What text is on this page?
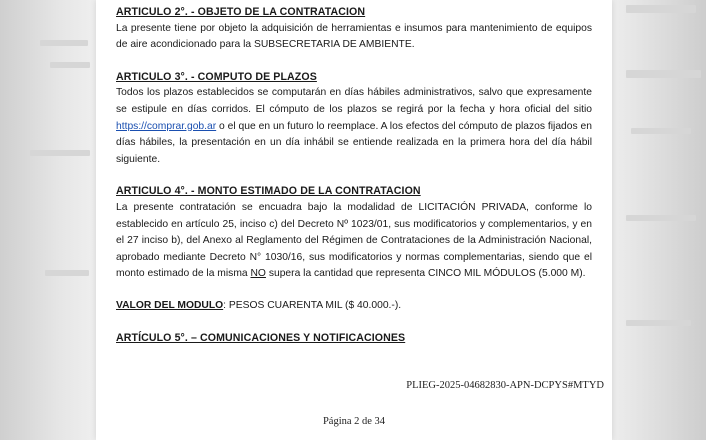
ARTICULO 2°. - OBJETO DE LA CONTRATACION

La presente tiene por objeto la adquisición de herramientas e insumos para mantenimiento de equipos de aire acondicionado para la SUBSECRETARIA DE AMBIENTE.

ARTICULO 3°. - COMPUTO DE PLAZOS

Todos los plazos establecidos se computarán en días hábiles administrativos, salvo que expresamente se estipule en días corridos. El cómputo de los plazos se regirá por la fecha y hora oficial del sitio https://comprar.gob.ar o el que en un futuro lo reemplace. A los efectos del cómputo de plazos fijados en días hábiles, la presentación en un día inhábil se entiende realizada en la primera hora del día hábil siguiente.

ARTICULO 4°. - MONTO ESTIMADO DE LA CONTRATACION

La presente contratación se encuadra bajo la modalidad de LICITACIÓN PRIVADA, conforme lo establecido en artículo 25, inciso c) del Decreto Nº 1023/01, sus modificatorios y complementarios, y en el 27 inciso b), del Anexo al Reglamento del Régimen de Contrataciones de la Administración Nacional, aprobado mediante Decreto N° 1030/16, sus modificatorios y normas complementarias, siendo que el monto estimado de la misma NO supera la cantidad que representa CINCO MIL MÓDULOS (5.000 M).

VALOR DEL MODULO: PESOS CUARENTA MIL ($ 40.000.-).

ARTÍCULO 5°. – COMUNICACIONES Y NOTIFICACIONES

PLIEG-2025-04682830-APN-DCPYS#MTYD
Página 2 de 34
